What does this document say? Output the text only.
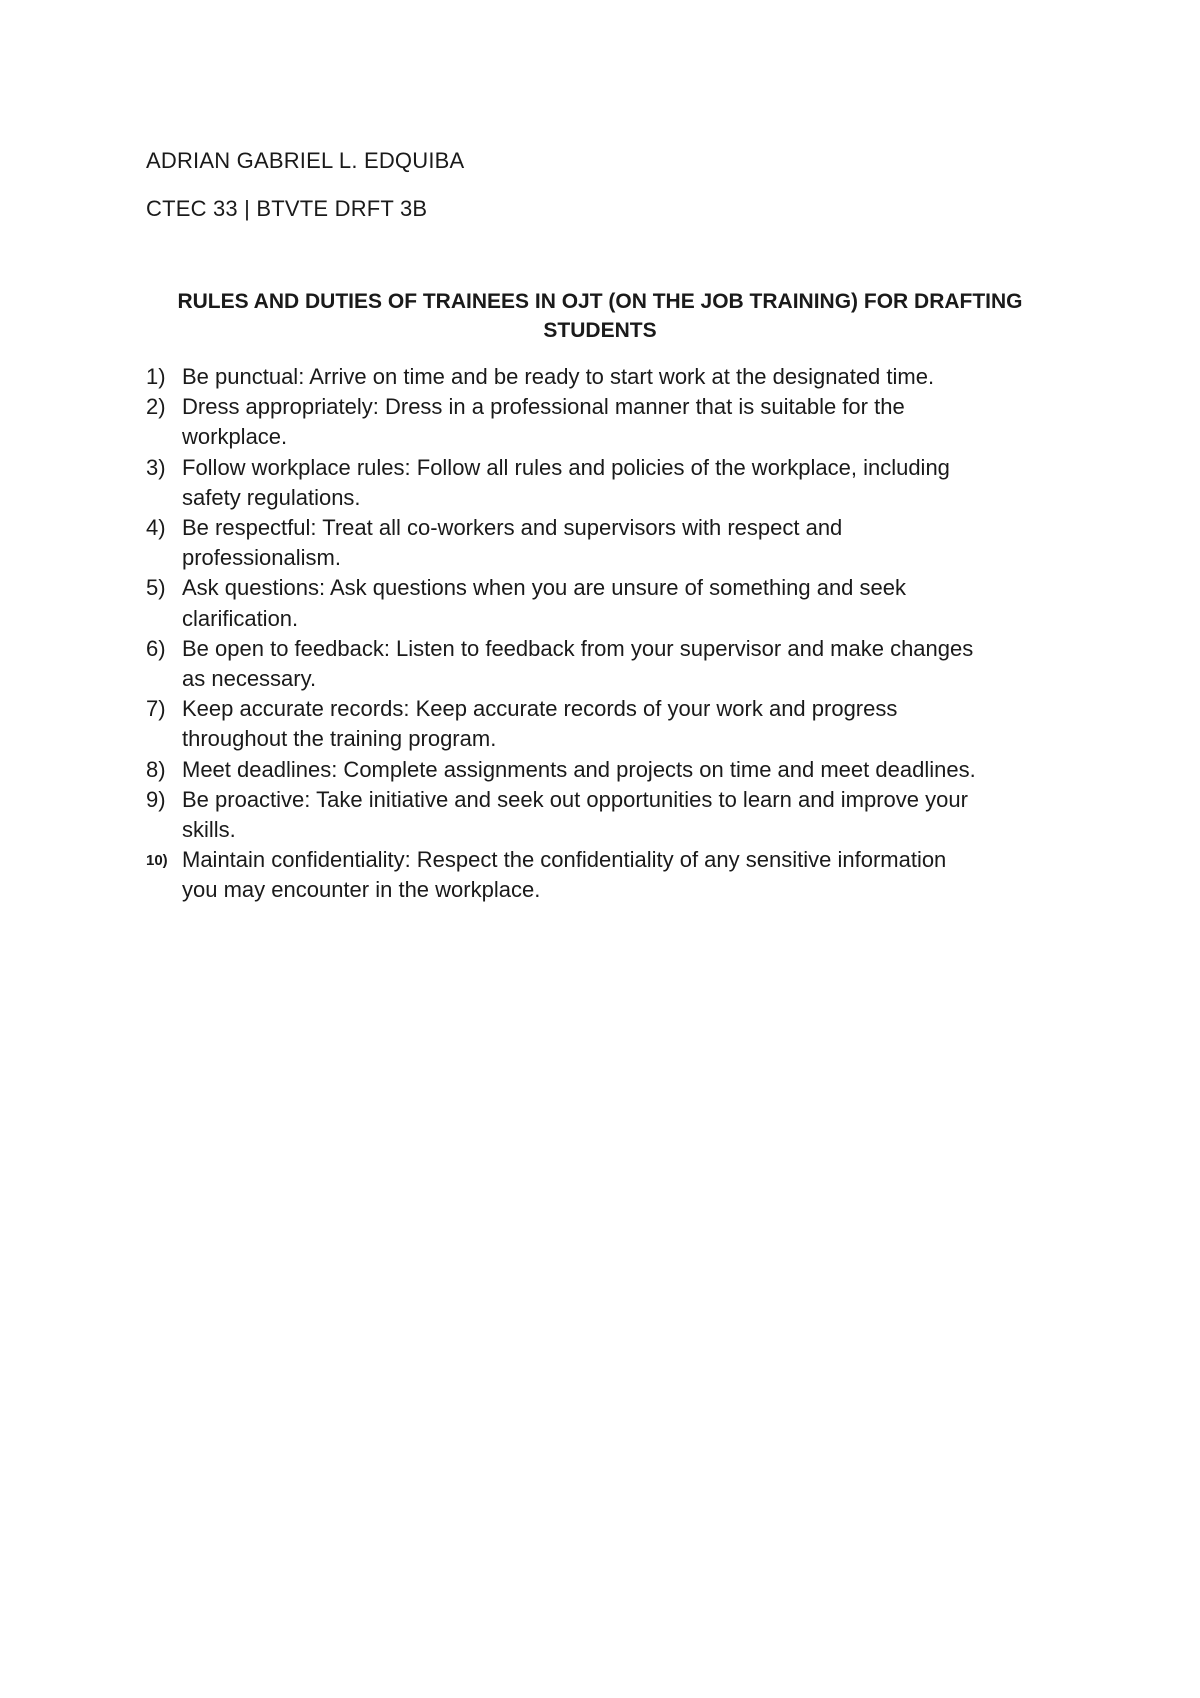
ADRIAN GABRIEL L. EDQUIBA
CTEC 33 | BTVTE DRFT 3B
RULES AND DUTIES OF TRAINEES IN OJT (ON THE JOB TRAINING) FOR DRAFTING STUDENTS
1) Be punctual: Arrive on time and be ready to start work at the designated time.
2) Dress appropriately: Dress in a professional manner that is suitable for the workplace.
3) Follow workplace rules: Follow all rules and policies of the workplace, including safety regulations.
4) Be respectful: Treat all co-workers and supervisors with respect and professionalism.
5) Ask questions: Ask questions when you are unsure of something and seek clarification.
6) Be open to feedback: Listen to feedback from your supervisor and make changes as necessary.
7) Keep accurate records: Keep accurate records of your work and progress throughout the training program.
8) Meet deadlines: Complete assignments and projects on time and meet deadlines.
9) Be proactive: Take initiative and seek out opportunities to learn and improve your skills.
10) Maintain confidentiality: Respect the confidentiality of any sensitive information you may encounter in the workplace.
